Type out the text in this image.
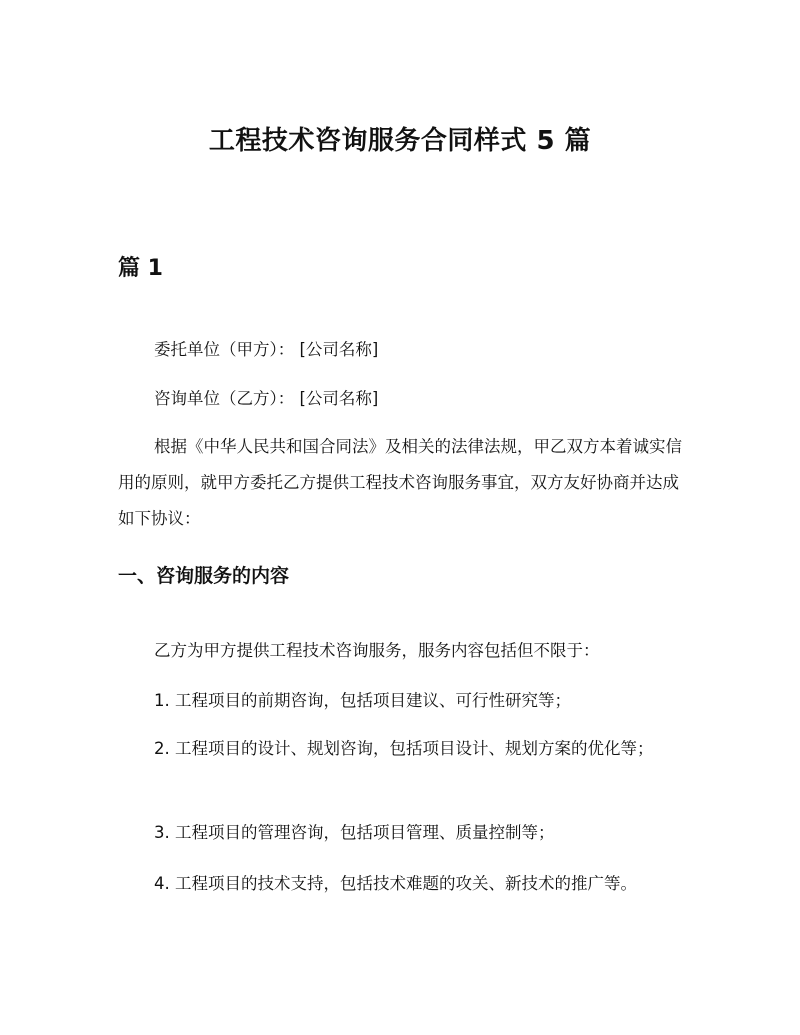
工程技术咨询服务合同样式 5 篇
篇 1
委托单位（甲方）： [公司名称]
咨询单位（乙方）： [公司名称]
根据《中华人民共和国合同法》及相关的法律法规，甲乙双方本着诚实信用的原则，就甲方委托乙方提供工程技术咨询服务事宜，双方友好协商并达成如下协议：
一、咨询服务的内容
乙方为甲方提供工程技术咨询服务，服务内容包括但不限于：
1. 工程项目的前期咨询，包括项目建议、可行性研究等；
2. 工程项目的设计、规划咨询，包括项目设计、规划方案的优化等；
3. 工程项目的管理咨询，包括项目管理、质量控制等；
4. 工程项目的技术支持，包括技术难题的攻关、新技术的推广等。
